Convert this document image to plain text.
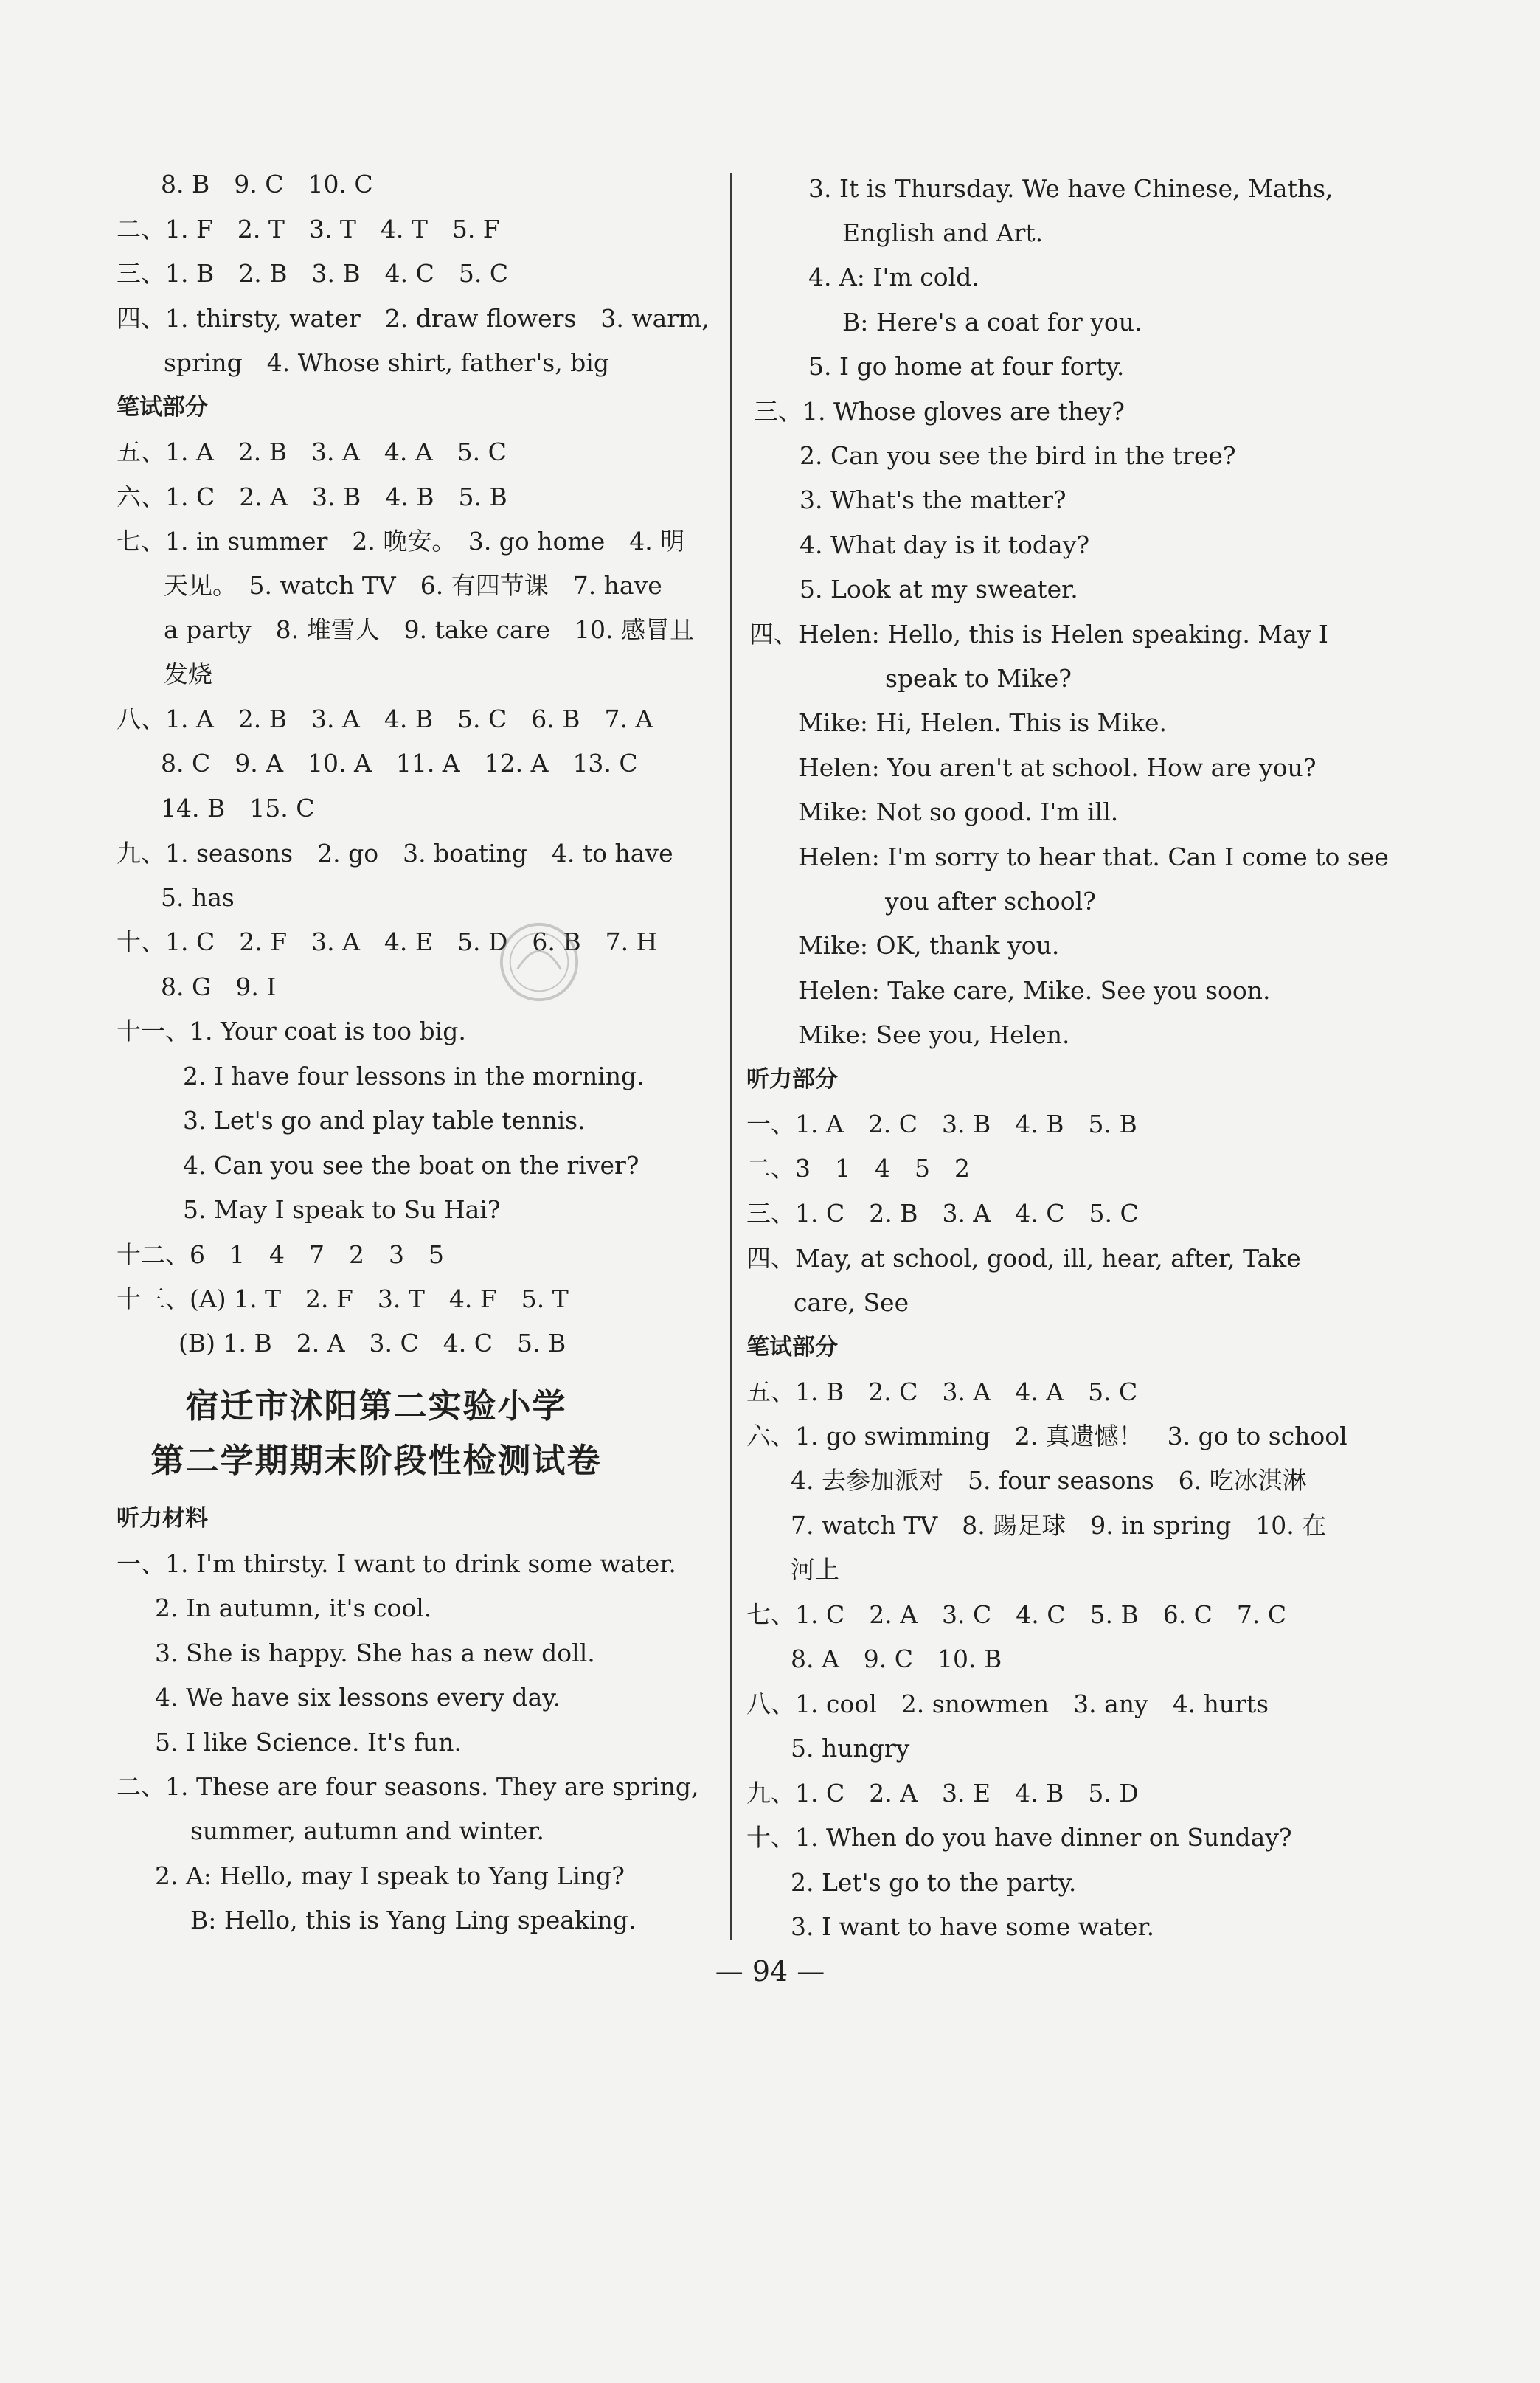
8. B　9. C　10. C
二、1. F　2. T　3. T　4. T　5. F
三、1. B　2. B　3. B　4. C　5. C
四、1. thirsty, water　2. draw flowers　3. warm,
spring　4. Whose shirt, father's, big
笔试部分
五、1. A　2. B　3. A　4. A　5. C
六、1. C　2. A　3. B　4. B　5. B
七、1. in summer　2. 晚安。　3. go home　4. 明
天见。　5. watch TV　6. 有四节课　7. have
a party　8. 堆雪人　9. take care　10. 感冒且
发烧
八、1. A　2. B　3. A　4. B　5. C　6. B　7. A
8. C　9. A　10. A　11. A　12. A　13. C
14. B　15. C
九、1. seasons　2. go　3. boating　4. to have
5. has
十、1. C　2. F　3. A　4. E　5. D　6. B　7. H
8. G　9. I
十一、1. Your coat is too big.
2. I have four lessons in the morning.
3. Let's go and play table tennis.
4. Can you see the boat on the river?
5. May I speak to Su Hai?
十二、6　1　4　7　2　3　5
十三、(A) 1. T　2. F　3. T　4. F　5. T
(B) 1. B　2. A　3. C　4. C　5. B
宿迁市沭阳第二实验小学
第二学期期末阶段性检测试卷
听力材料
一、1. I'm thirsty. I want to drink some water.
2. In autumn, it's cool.
3. She is happy. She has a new doll.
4. We have six lessons every day.
5. I like Science. It's fun.
二、1. These are four seasons. They are spring,
summer, autumn and winter.
2. A: Hello, may I speak to Yang Ling?
B: Hello, this is Yang Ling speaking.
3. It is Thursday. We have Chinese, Maths,
English and Art.
4. A: I'm cold.
B: Here's a coat for you.
5. I go home at four forty.
三、1. Whose gloves are they?
2. Can you see the bird in the tree?
3. What's the matter?
4. What day is it today?
5. Look at my sweater.
四、Helen: Hello, this is Helen speaking. May I
speak to Mike?
Mike: Hi, Helen. This is Mike.
Helen: You aren't at school. How are you?
Mike: Not so good. I'm ill.
Helen: I'm sorry to hear that. Can I come to see
you after school?
Mike: OK, thank you.
Helen: Take care, Mike. See you soon.
Mike: See you, Helen.
听力部分
一、1. A　2. C　3. B　4. B　5. B
二、3　1　4　5　2
三、1. C　2. B　3. A　4. C　5. C
四、May, at school, good, ill, hear, after, Take
care, See
笔试部分
五、1. B　2. C　3. A　4. A　5. C
六、1. go swimming　2. 真遗憾！　3. go to school
4. 去参加派对　5. four seasons　6. 吃冰淇淋
7. watch TV　8. 踢足球　9. in spring　10. 在
河上
七、1. C　2. A　3. C　4. C　5. B　6. C　7. C
8. A　9. C　10. B
八、1. cool　2. snowmen　3. any　4. hurts
5. hungry
九、1. C　2. A　3. E　4. B　5. D
十、1. When do you have dinner on Sunday?
2. Let's go to the party.
3. I want to have some water.
— 94 —
